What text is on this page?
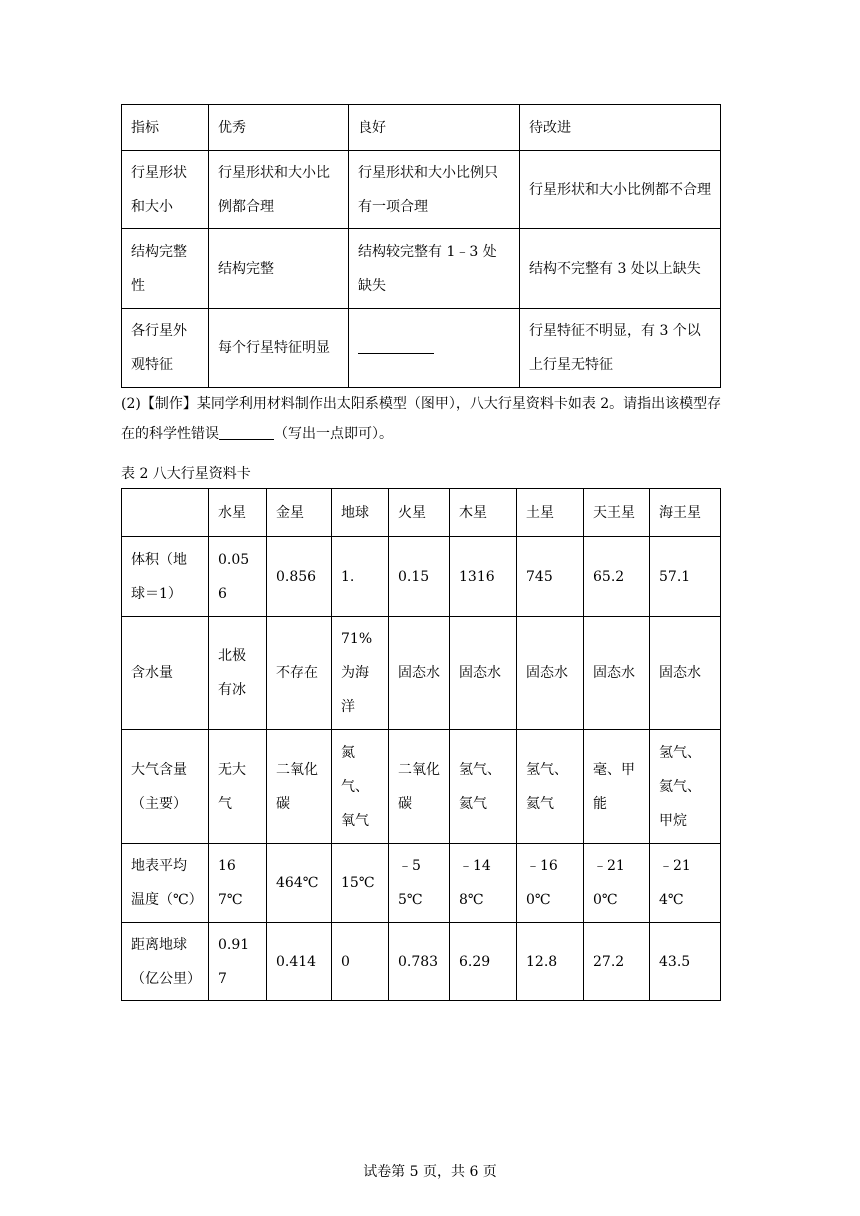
指标	优秀	良好	待改进
行星形状和大小	行星形状和大小比例都合理	行星形状和大小比例只有一项合理	行星形状和大小比例都不合理
结构完整性	结构完整	结构较完整有 1﹣3 处缺失	结构不完整有 3 处以上缺失
各行星外观特征	每个行星特征明显		行星特征不明显，有 3 个以上行星无特征

(2)【制作】某同学利用材料制作出太阳系模型（图甲），八大行星资料卡如表 2。请指出该模型存在的科学性错误	（写出一点即可）。

表 2 八大行星资料卡

	水星	金星	地球	火星	木星	土星	天王星	海王星
体积（地球＝1）	0.056	0.856	1.	0.15	1316	745	65.2	57.1
含水量	北极有冰	不存在	71%为海洋	固态水	固态水	固态水	固态水	固态水
大气含量（主要）	无大气	二氧化碳	氮气、氧气	二氧化碳	氢气、氦气	氢气、氦气	毫、甲能	氢气、氦气、甲烷
地表平均温度（℃）	167℃	464℃	15℃	﹣55℃	﹣148℃	﹣160℃	﹣210℃	﹣214℃
距离地球（亿公里）	0.917	0.414	0	0.783	6.29	12.8	27.2	43.5
试卷第 5 页，共 6 页
